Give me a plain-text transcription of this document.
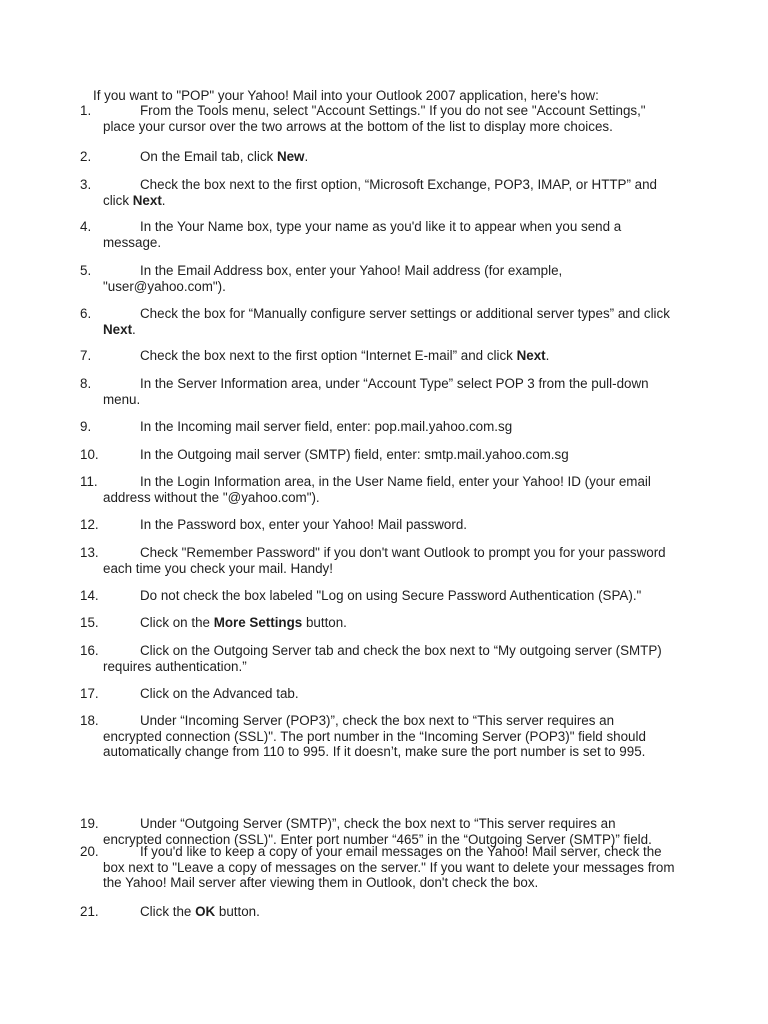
If you want to "POP" your Yahoo! Mail into your Outlook 2007 application, here's how:
1.	From the Tools menu, select "Account Settings." If you do not see "Account Settings," place your cursor over the two arrows at the bottom of the list to display more choices.
2.	On the Email tab, click New.
3.	Check the box next to the first option, “Microsoft Exchange, POP3, IMAP, or HTTP” and click Next.
4.	In the Your Name box, type your name as you'd like it to appear when you send a message.
5.	In the Email Address box, enter your Yahoo! Mail address (for example, "user@yahoo.com").
6.	Check the box for “Manually configure server settings or additional server types” and click Next.
7.	Check the box next to the first option “Internet E-mail” and click Next.
8.	In the Server Information area, under “Account Type” select POP 3 from the pull-down menu.
9.	In the Incoming mail server field, enter: pop.mail.yahoo.com.sg
10.	In the Outgoing mail server (SMTP) field, enter: smtp.mail.yahoo.com.sg
11.	In the Login Information area, in the User Name field, enter your Yahoo! ID (your email address without the "@yahoo.com").
12.	In the Password box, enter your Yahoo! Mail password.
13.	Check "Remember Password" if you don't want Outlook to prompt you for your password each time you check your mail. Handy!
14.	Do not check the box labeled "Log on using Secure Password Authentication (SPA)."
15.	Click on the More Settings button.
16.	Click on the Outgoing Server tab and check the box next to “My outgoing server (SMTP) requires authentication.”
17.	Click on the Advanced tab.
18.	Under “Incoming Server (POP3)”, check the box next to “This server requires an encrypted connection (SSL)". The port number in the “Incoming Server (POP3)" field should automatically change from 110 to 995. If it doesn’t, make sure the port number is set to 995.
19.	Under “Outgoing Server (SMTP)”, check the box next to “This server requires an encrypted connection (SSL)". Enter port number “465” in the “Outgoing Server (SMTP)” field.
20.	If you'd like to keep a copy of your email messages on the Yahoo! Mail server, check the box next to "Leave a copy of messages on the server." If you want to delete your messages from the Yahoo! Mail server after viewing them in Outlook, don't check the box.
21.	Click the OK button.
